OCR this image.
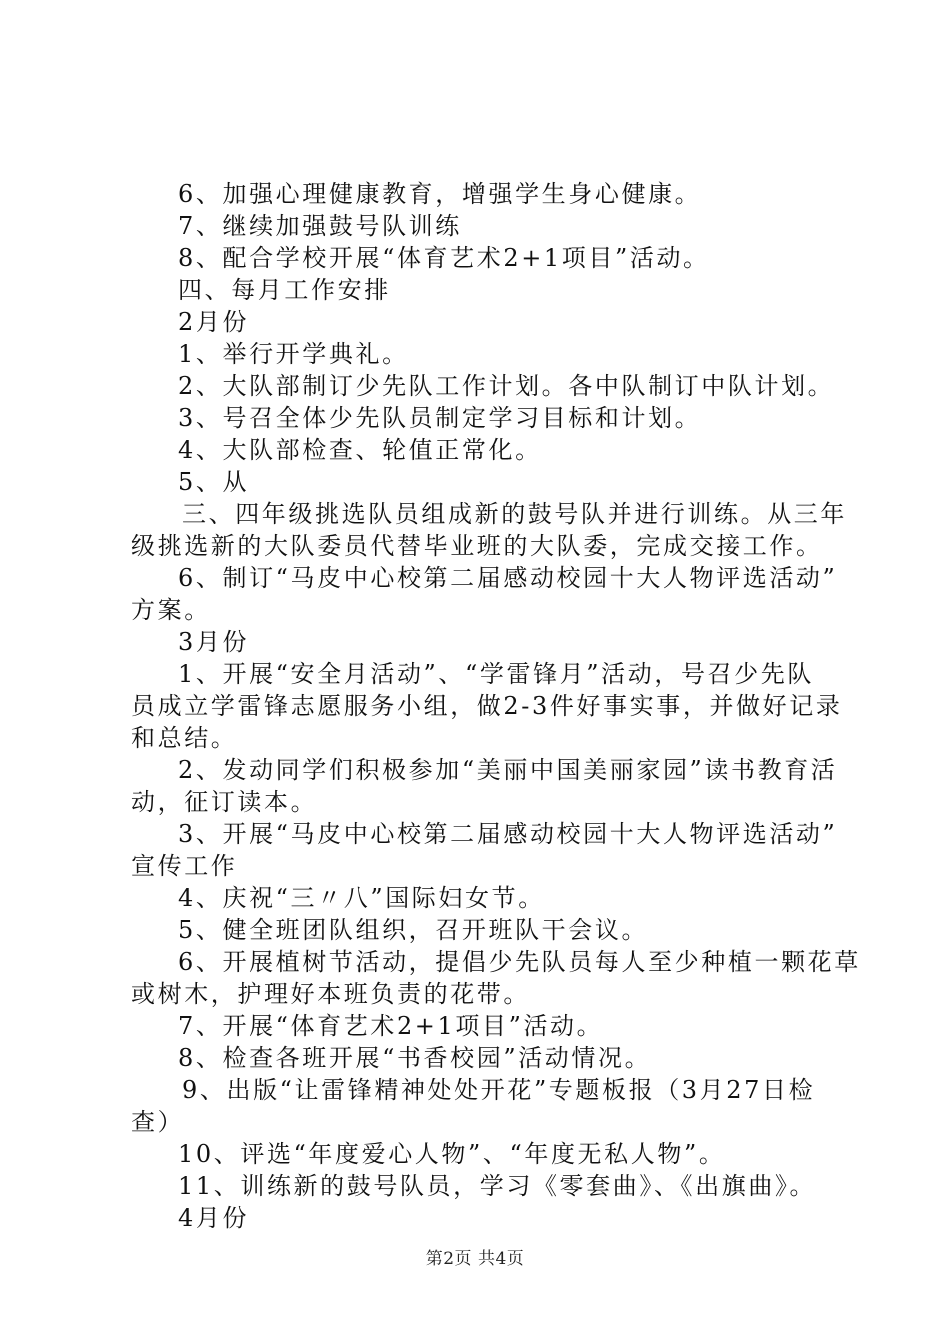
6、加强心理健康教育，增强学生身心健康。
7、继续加强鼓号队训练
8、配合学校开展“体育艺术2+1项目”活动。
四、每月工作安排
2月份
1、举行开学典礼。
2、大队部制订少先队工作计划。各中队制订中队计划。
3、号召全体少先队员制定学习目标和计划。
4、大队部检查、轮值正常化。
5、从
三、四年级挑选队员组成新的鼓号队并进行训练。从三年
级挑选新的大队委员代替毕业班的大队委，完成交接工作。
6、制订“马皮中心校第二届感动校园十大人物评选活动”
方案。
3月份
1、开展“安全月活动”、“学雷锋月”活动，号召少先队
员成立学雷锋志愿服务小组，做2-3件好事实事，并做好记录
和总结。
2、发动同学们积极参加“美丽中国美丽家园”读书教育活
动，征订读本。
3、开展“马皮中心校第二届感动校园十大人物评选活动”
宣传工作
4、庆祝“三〃八”国际妇女节。
5、健全班团队组织，召开班队干会议。
6、开展植树节活动，提倡少先队员每人至少种植一颗花草
或树木，护理好本班负责的花带。
7、开展“体育艺术2+1项目”活动。
8、检查各班开展“书香校园”活动情况。
9、出版“让雷锋精神处处开花”专题板报（3月27日检
查）
10、评选“年度爱心人物”、“年度无私人物”。
11、训练新的鼓号队员，学习《零套曲》、《出旗曲》。
4月份
第2页 共4页
